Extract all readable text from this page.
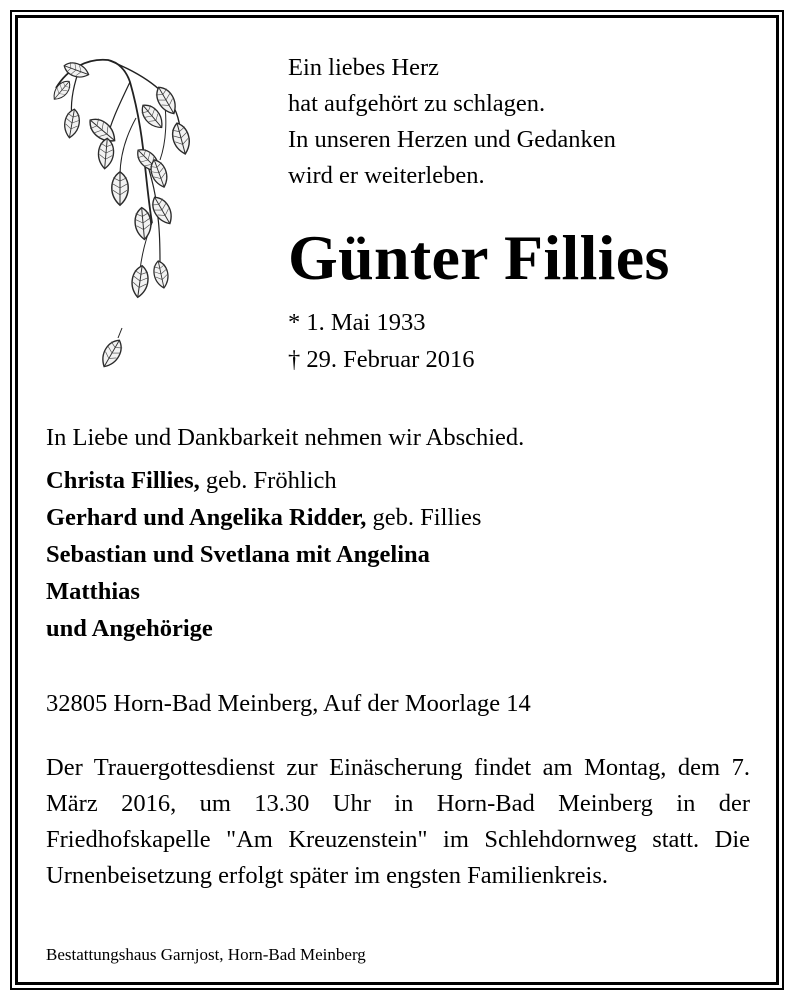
Ein liebes Herz
hat aufgehört zu schlagen.
In unseren Herzen und Gedanken
wird er weiterleben.
Günter Fillies
* 1. Mai 1933
† 29. Februar 2016
In Liebe und Dankbarkeit nehmen wir Abschied.
Christa Fillies, geb. Fröhlich
Gerhard und Angelika Ridder, geb. Fillies
Sebastian und Svetlana mit Angelina
Matthias
und Angehörige
32805 Horn-Bad Meinberg, Auf der Moorlage 14
Der Trauergottesdienst zur Einäscherung findet am Montag, dem 7. März 2016, um 13.30 Uhr in Horn-Bad Meinberg in der Friedhofskapelle "Am Kreuzenstein" im Schlehdornweg statt. Die Urnenbeisetzung erfolgt später im engsten Familienkreis.
Bestattungshaus Garnjost, Horn-Bad Meinberg
